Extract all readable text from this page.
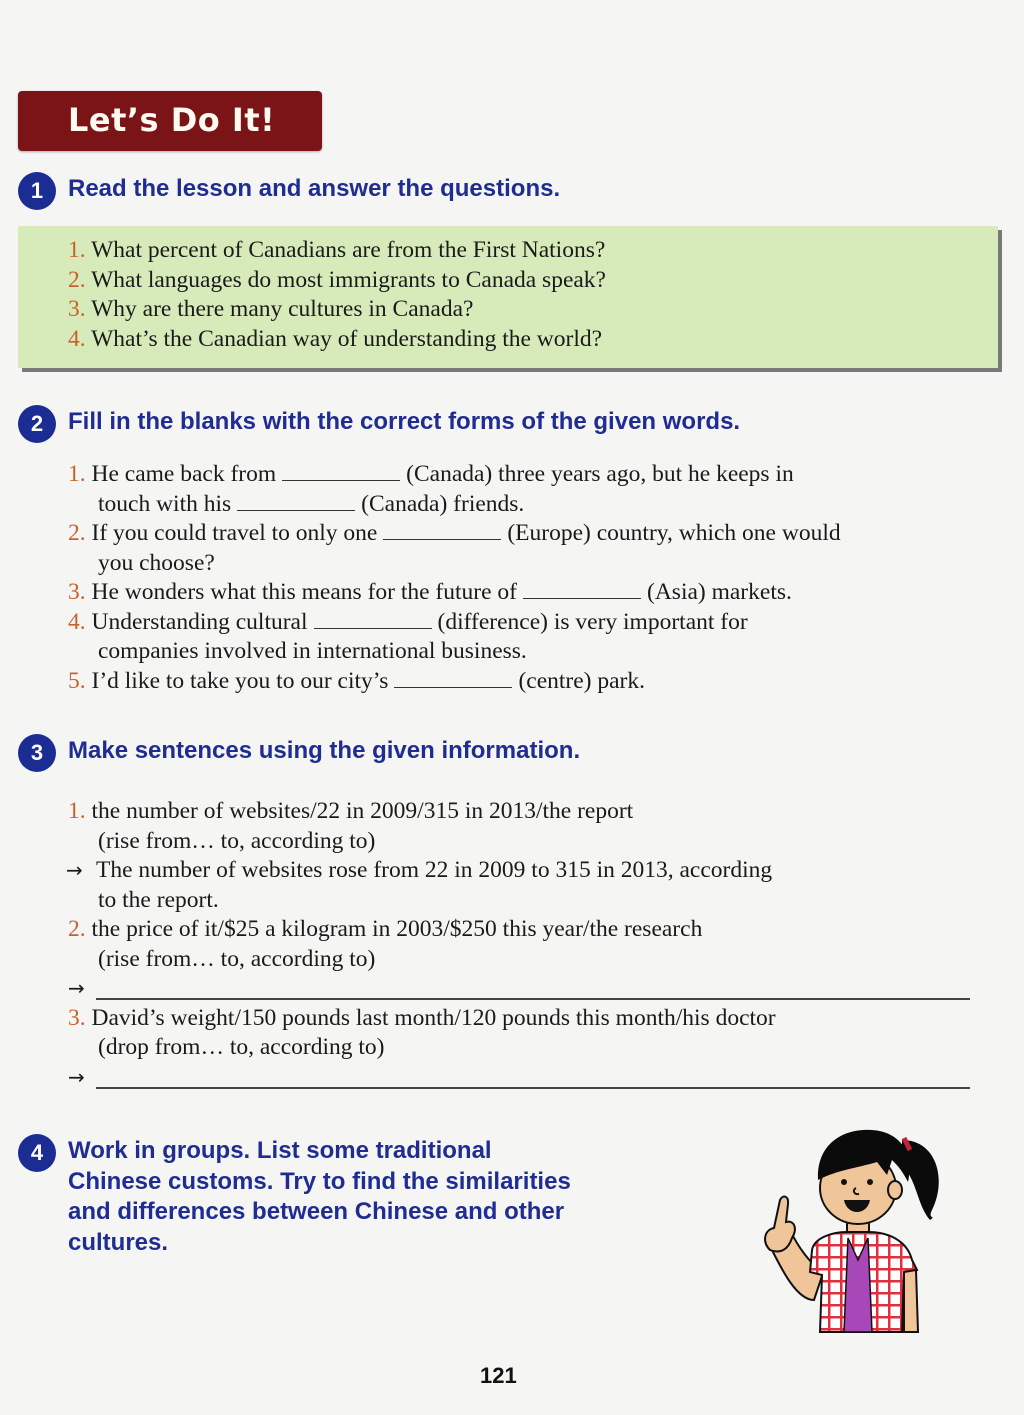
Let’s Do It!
1	Read the lesson and answer the questions.
1. What percent of Canadians are from the First Nations?
2. What languages do most immigrants to Canada speak?
3. Why are there many cultures in Canada?
4. What’s the Canadian way of understanding the world?
2	Fill in the blanks with the correct forms of the given words.
1. He came back from	(Canada) three years ago, but he keeps in
touch with his	(Canada) friends.
2. If you could travel to only one	(Europe) country, which one would
you choose?
3. He wonders what this means for the future of	(Asia) markets.
4. Understanding cultural	(difference) is very important for
companies involved in international business.
5. I’d like to take you to our city’s	(centre) park.
3	Make sentences using the given information.
1. the number of websites/22 in 2009/315 in 2013/the report
(rise from… to, according to)
→ The number of websites rose from 22 in 2009 to 315 in 2013, according
to the report.
2. the price of it/$25 a kilogram in 2003/$250 this year/the research
(rise from… to, according to)
→
3. David’s weight/150 pounds last month/120 pounds this month/his doctor
(drop from… to, according to)
→
4	Work in groups. List some traditional
Chinese customs. Try to find the similarities
and differences between Chinese and other
cultures.
121
